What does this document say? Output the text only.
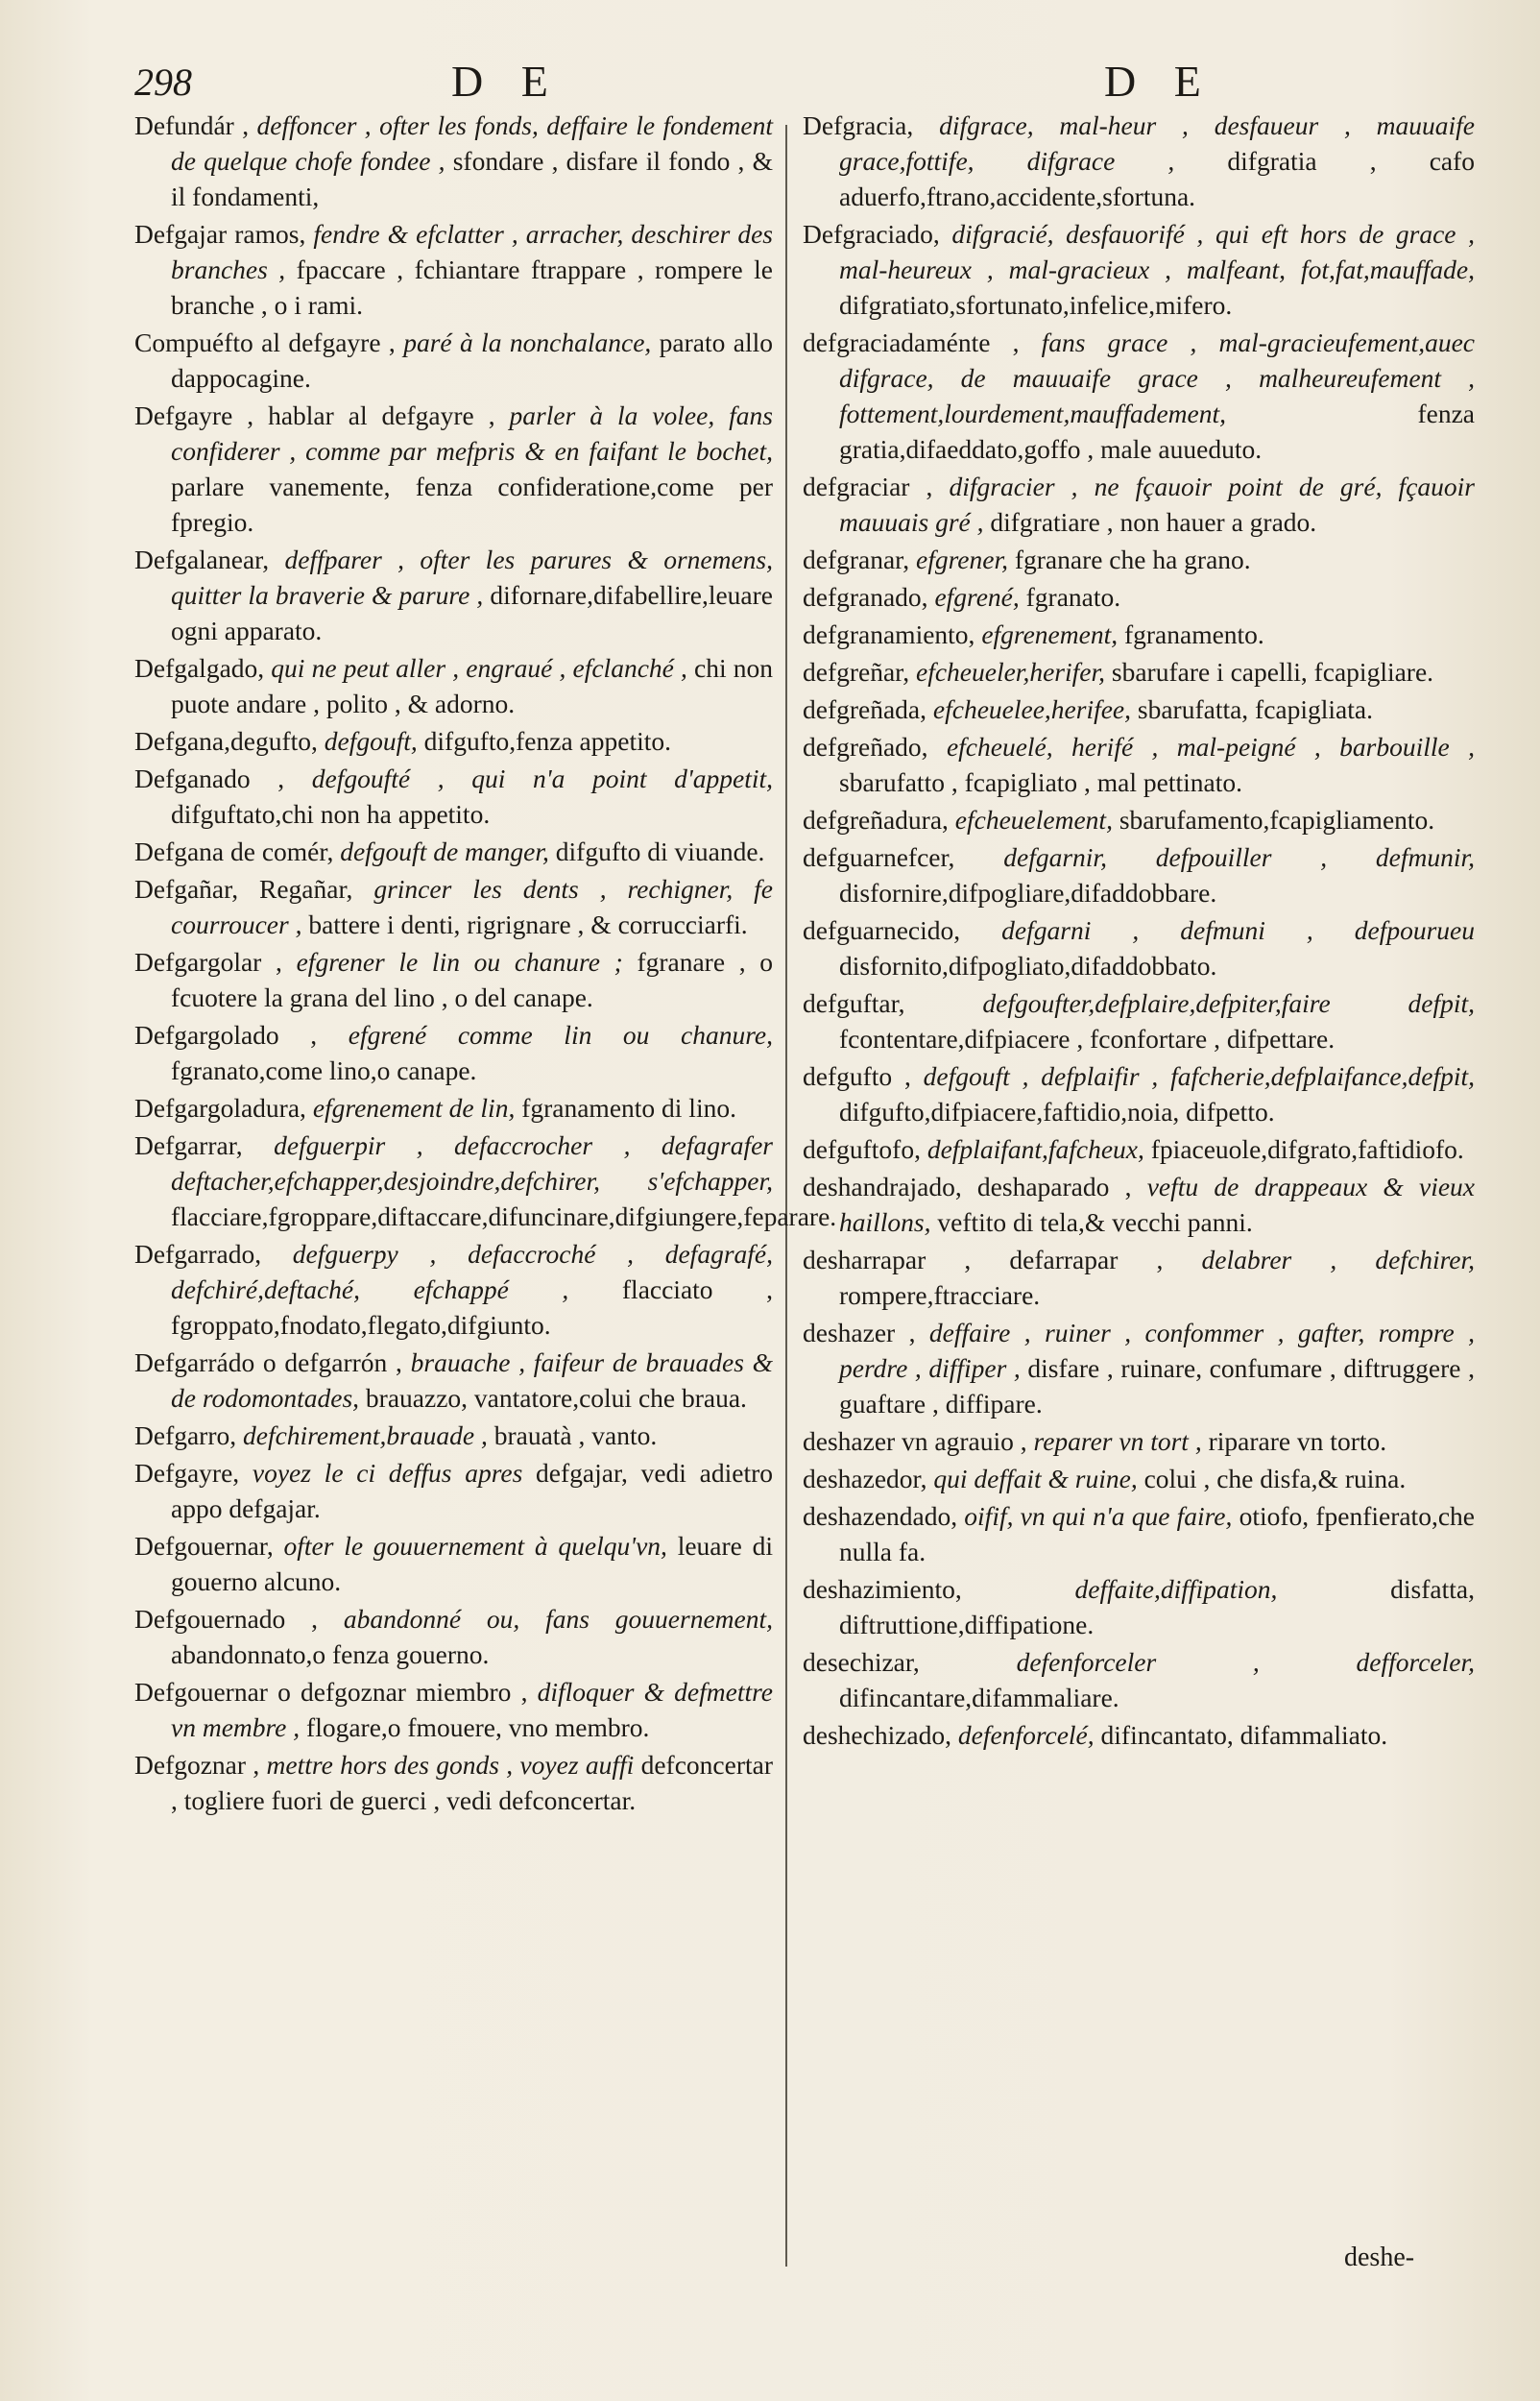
298	D E	D E

Defundár , deffoncer , ofter les fonds, deffaire le fondement de quelque chofe fondee , sfondare , disfare il fondo , & il fondamenti,

Defgajar ramos, fendre & efclatter , arracher, deschirer des branches , fpaccare , fchiantare ftrappare , rompere le branche , o i rami.

Compuéfto al defgayre , paré à la nonchalance, parato allo dappocagine.

Defgayre , hablar al defgayre , parler à la volee, fans confiderer , comme par mefpris & en faifant le bochet, parlare vanemente, fenza confideratione,come per fpregio.

Defgalanear, deffparer , ofter les parures & ornemens, quitter la braverie & parure , difornare,difabellire,leuare ogni apparato.

Defgalgado, qui ne peut aller , engraué , efclanché , chi non puote andare , polito , & adorno.

Defgana,degufto, defgouft, difgufto,fenza appetito.

Defganado , defgoufté , qui n'a point d'appetit, difguftato,chi non ha appetito.

Defgana de comér, defgouft de manger, difgufto di viuande.

Defgañar, Regañar, grincer les dents , rechigner, fe courroucer , battere i denti, rigrignare , & corrucciarfi.

Defgargolar , efgrener le lin ou chanure ; fgranare , o fcuotere la grana del lino , o del canape.

Defgargolado , efgrené comme lin ou chanure, fgranato,come lino,o canape.

Defgargoladura, efgrenement de lin, fgranamento di lino.

Defgarrar, defguerpir , defaccrocher , defagrafer deftacher,efchapper,desjoindre,defchirer, s'efchapper, flacciare,fgroppare,diftaccare,difuncinare,difgiungere,feparare.

Defgarrado, defguerpy , defaccroché , defagrafé, defchiré,deftaché, efchappé , flacciato , fgroppato,fnodato,flegato,difgiunto.

Defgarrádo o defgarrón , brauache , faifeur de brauades & de rodomontades, brauazzo, vantatore,colui che braua.

Defgarro, defchirement,brauade , brauatà , vanto.

Defgayre, voyez le ci deffus apres defgajar, vedi adietro appo defgajar.

Defgouernar, ofter le gouuernement à quelqu'vn, leuare di gouerno alcuno.

Defgouernado , abandonné ou, fans gouuernement, abandonnato,o fenza gouerno.

Defgouernar o defgoznar miembro , difloquer & defmettre vn membre , flogare,o fmouere, vno membro.

Defgoznar , mettre hors des gonds , voyez auffi defconcertar , toglierе fuori de guerci , vedi defconcertar.

Defgracia, difgrace, mal-heur , desfaueur , mauuaife grace,fottife, difgrace , difgratia , cafo aduerfo,ftrano,accidente,sfortuna.

Defgraciado, difgracié, desfauorifé , qui eft hors de grace , mal-heureux , mal-gracieux , malfeant, fot,fat,mauffade, difgratiato,sfortunato,infelice,mifero.

defgraciadaménte , fans grace , mal-gracieufement,auec difgrace, de mauuaife grace , malheureufement , fottement,lourdement,mauffadement,	fenza gratia,difaeddato,goffo , male auueduto.

defgraciar , difgracier , ne fçauoir point de gré, fçauoir mauuais gré , difgratiare , non hauer a grado.

defgranar, efgrener, fgranare che ha grano.

defgranado, efgrené, fgranato.

defgranamiento, efgrenement, fgranamento.

defgreñar, efcheueler,herifer, sbarufare i capelli, fcapigliare.

defgreñada, efcheuelee,herifee, sbarufatta, fcapigliata.

defgreñado, efcheuelé, herifé , mal-peigné , barbouille , sbarufatto , fcapigliato , mal pettinato.

defgreñadura, efcheuelement, sbarufamento,fcapigliamento.

defguarnefcer, defgarnir, defpouiller , defmunir, disfornire,difpogliare,difaddobbare.

defguarnecido, defgarni , defmuni , defpourueu disfornito,difpogliato,difaddobbato.

defguftar,	defgoufter,defplaire,defpiter,faire defpit, fcontentare,difpiacere , fconfortare , difpettare.

defgufto , defgouft , defplaifir , fafcherie,defplaifance,defpit, difgufto,difpiacere,faftidio,noia, difpetto.

defguftofo, defplaifant,fafcheux, fpiaceuole,difgrato,faftidiofo.

deshandrajado, deshaparado , veftu de drappeaux & vieux haillons, veftito di tela,& vecchi panni.

desharrapar , defarrapar , delabrer , defchirer, rompere,ftracciare.

deshazer , deffaire , ruiner , confommer , gafter, rompre , perdre , diffiper , disfare , ruinare, confumare , diftruggere , guaftare , diffipare.

deshazer vn agrauio , reparer vn tort , riparare vn torto.

deshazedor, qui deffait & ruine, colui , che disfa,& ruina.

deshazendado, oifif, vn qui n'a que faire, otiofo, fpenfierato,che nulla fa.

deshazimiento,	deffaite,diffipation,	disfatta, diftruttione,diffipatione.

desechizar,	defenforceler , defforceler, difincantare,difammaliare.

deshechizado, defenforcelé, difincantato, difammaliato.

deshe-
